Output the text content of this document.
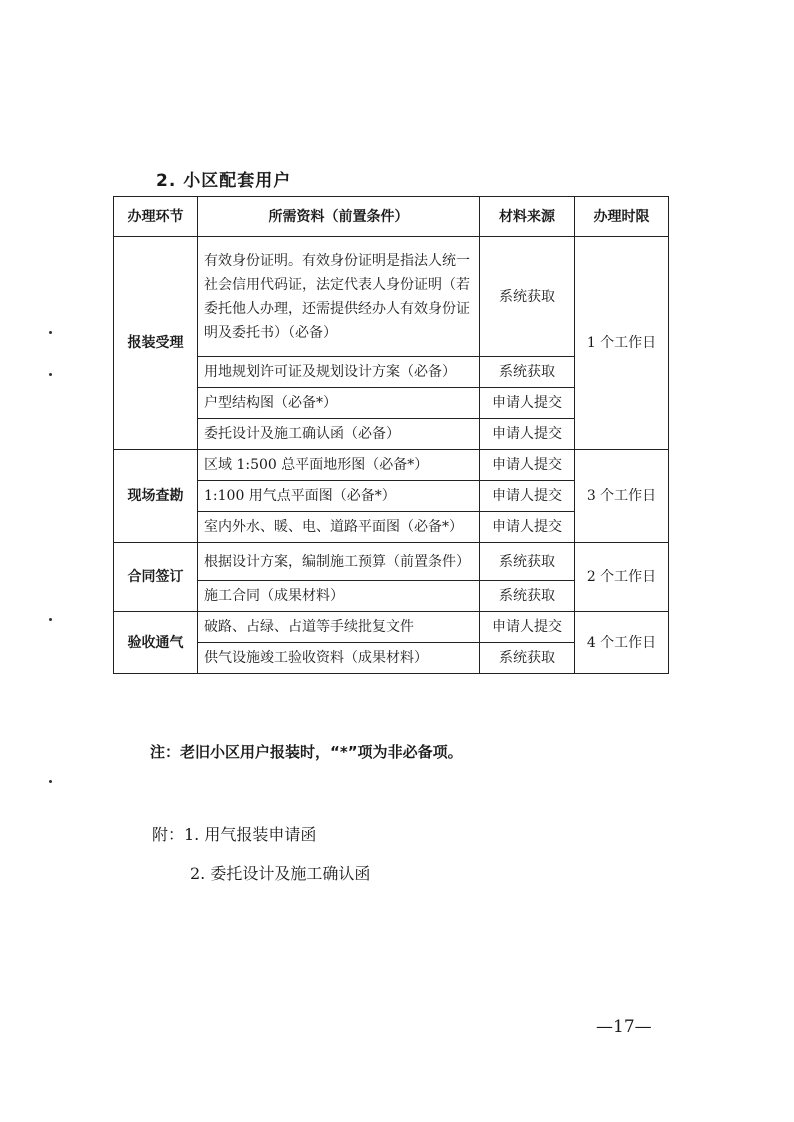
2. 小区配套用户
办理环节	所需资料（前置条件）	材料来源	办理时限
报装受理	有效身份证明。有效身份证明是指法人统一社会信用代码证，法定代表人身份证明（若委托他人办理，还需提供经办人有效身份证明及委托书）（必备）	系统获取	1 个工作日
	用地规划许可证及规划设计方案（必备）	系统获取	
	户型结构图（必备*）	申请人提交	
	委托设计及施工确认函（必备）	申请人提交	
现场查勘	区域 1:500 总平面地形图（必备*）	申请人提交	3 个工作日
	1:100 用气点平面图（必备*）	申请人提交	
	室内外水、暖、电、道路平面图（必备*）	申请人提交	
合同签订	根据设计方案，编制施工预算（前置条件）	系统获取	2 个工作日
	施工合同（成果材料）	系统获取	
验收通气	破路、占绿、占道等手续批复文件	申请人提交	4 个工作日
	供气设施竣工验收资料（成果材料）	系统获取	
注：老旧小区用户报装时，“*”项为非必备项。
附：1. 用气报装申请函
2. 委托设计及施工确认函
—17—
